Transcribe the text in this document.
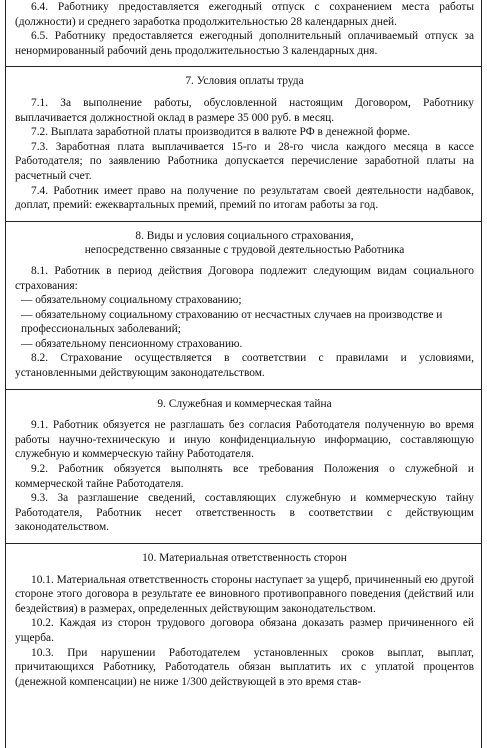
6.4. Работнику предоставляется ежегодный отпуск с сохранением места работы (должности) и среднего заработка продолжительностью 28 календарных дней.

6.5. Работнику предоставляется ежегодный дополнительный оплачиваемый отпуск за ненормированный рабочий день продолжительностью 3 календарных дня.

7. Условия оплаты труда

7.1. За выполнение работы, обусловленной настоящим Договором, Работнику выплачивается должностной оклад в размере 35 000 руб. в месяц.

7.2. Выплата заработной платы производится в валюте РФ в денежной форме.

7.3. Заработная плата выплачивается 15-го и 28-го числа каждого месяца в кассе Работодателя; по заявлению Работника допускается перечисление заработной платы на расчетный счет.

7.4. Работник имеет право на получение по результатам своей деятельности надбавок, доплат, премий: ежеквартальных премий, премий по итогам работы за год.

8. Виды и условия социального страхования,
непосредственно связанные с трудовой деятельностью Работника

8.1. Работник в период действия Договора подлежит следующим видам социального страхования:

— обязательному социальному страхованию;

— обязательному социальному страхованию от несчастных случаев на производстве и профессиональных заболеваний;

— обязательному пенсионному страхованию.

8.2. Страхование осуществляется в соответствии с правилами и условиями, установленными действующим законодательством.

9. Служебная и коммерческая тайна

9.1. Работник обязуется не разглашать без согласия Работодателя полученную во время работы научно-техническую и иную конфиденциальную информацию, составляющую служебную и коммерческую тайну Работодателя.

9.2. Работник обязуется выполнять все требования Положения о служебной и коммерческой тайне Работодателя.

9.3. За разглашение сведений, составляющих служебную и коммерческую тайну Работодателя, Работник несет ответственность в соответствии с действующим законодательством.

10. Материальная ответственность сторон

10.1. Материальная ответственность стороны наступает за ущерб, причиненный ею другой стороне этого договора в результате ее виновного противоправного поведения (действий или бездействия) в размерах, определенных действующим законодательством.

10.2. Каждая из сторон трудового договора обязана доказать размер причиненного ей ущерба.

10.3. При нарушении Работодателем установленных сроков выплат, выплат, причитающихся Работнику, Работодатель обязан выплатить их с уплатой процентов (денежной компенсации) не ниже 1/300 действующей в это время став-
